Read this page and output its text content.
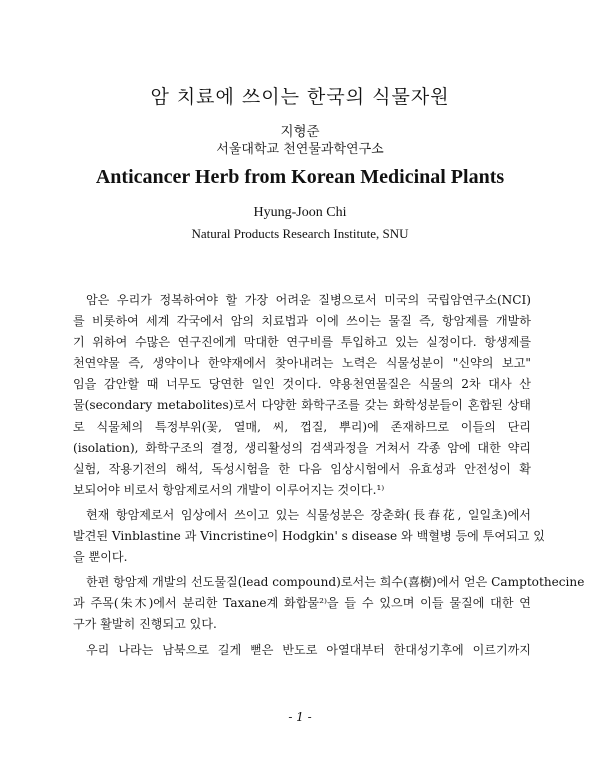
암 치료에 쓰이는 한국의 식물자원
지형준
서울대학교 천연물과학연구소
Anticancer Herb from Korean Medicinal Plants
Hyung-Joon Chi
Natural Products Research Institute, SNU
암은 우리가 정복하여야 할 가장 어려운 질병으로서 미국의 국립암연구소(NCI)
를 비롯하여 세계 각국에서 암의 치료법과 이에 쓰이는 물질 즉, 항암제를 개발하
기 위하여 수많은 연구진에게 막대한 연구비를 투입하고 있는 실정이다. 항생제를
천연약물 즉, 생약이나 한약재에서 찾아내려는 노력은 식물성분이 "신약의 보고"
임을 감안할 때 너무도 당연한 일인 것이다. 약용천연물질은 식물의 2차 대사 산
물(secondary metabolites)로서 다양한 화학구조를 갖는 화학성분들이 혼합된 상태
로 식물체의 특정부위(꽃, 열매, 씨, 껍질, 뿌리)에 존재하므로 이들의 단리
(isolation), 화학구조의 결정, 생리활성의 검색과정을 거쳐서 각종 암에 대한 약리
실험, 작용기전의 해석, 독성시험을 한 다음 임상시험에서 유효성과 안전성이 확
보되어야 비로서 항암제로서의 개발이 이루어지는 것이다.¹⁾
현재 항암제로서 임상에서 쓰이고 있는 식물성분은 장춘화(長春花, 일일초)에서
발견된 Vinblastine 과 Vincristine이 Hodgkin' s disease 와 백혈병 등에 투여되고 있
을 뿐이다.
한편 항암제 개발의 선도물질(lead compound)로서는 희수(喜樹)에서 얻은 Camptothecine
과 주목(朱木)에서 분리한 Taxane계 화합물²⁾을 들 수 있으며 이들 물질에 대한 연
구가 활발히 진행되고 있다.
우리 나라는 남북으로 길게 뻗은 반도로 아열대부터 한대성기후에 이르기까지
- 1 -
